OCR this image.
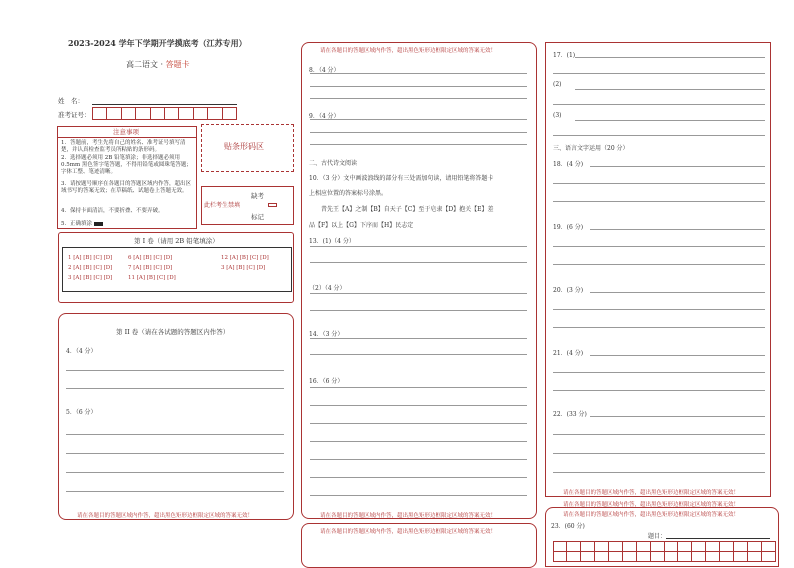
2023-2024 学年下学期开学摸底考（江苏专用）
高二语文 · 答题卡
姓　名：
准考证号：
注意事项
1．答题前，考生先将自己的姓名、准考证号填写清楚，并认真检查监考员所粘贴的条形码。
2．选择题必须用 2B 铅笔填涂；非选择题必须用 0.5mm 黑色签字笔答题，不得用铅笔或圆珠笔答题；字体工整、笔迹清晰。
3．请按题号顺序在各题目的答题区域内作答，超出区域书写的答案无效；在草稿纸、试题卷上答题无效。
4．保持卡面清洁，不要折叠、不要弄破。
5．正确填涂
贴条形码区
此栏考生禁填
缺考
标记
第 I 卷（请用 2B 铅笔填涂）
1 [A] [B] [C] [D]
2 [A] [B] [C] [D]
3 [A] [B] [C] [D]
6 [A] [B] [C] [D]
7 [A] [B] [C] [D]
11 [A] [B] [C] [D]
12 [A] [B] [C] [D]
3 [A] [B] [C] [D]
第 II 卷（请在各试题的答题区内作答）
4．（4 分）
5．（6 分）
请在各题目的答题区域内作答，超出黑色矩形边框限定区域的答案无效！
请在各题目的答题区域内作答，超出黑色矩形边框限定区域的答案无效！
8．（4 分）
9．（4 分）
二、古代诗文阅读
10．（3 分）文中画波浪线的部分有三处需加句读，请用铅笔将答题卡
上相应位置的答案标号涂黑。
昔先王【A】之制【B】自天子【C】至于皂隶【D】抱关【E】差
品【F】以上【G】下序而【H】民志定
13．(1)（4 分）
（2）（4 分）
14．（3 分）
16．（6 分）
请在各题目的答题区域内作答，超出黑色矩形边框限定区域的答案无效！
请在各题目的答题区域内作答，超出黑色矩形边框限定区域的答案无效！
17．(1)
(2)
(3)
三、语言文字运用（20 分）
18．(4 分)
19．(6 分)
20．(3 分)
21．(4 分)
22．(33 分)
请在各题目的答题区域内作答，超出黑色矩形边框限定区域的答案无效！
请在各题目的答题区域内作答，超出黑色矩形边框限定区域的答案无效！
请在各题目的答题区域内作答，超出黑色矩形边框限定区域的答案无效！
23．(60 分)
题目：
